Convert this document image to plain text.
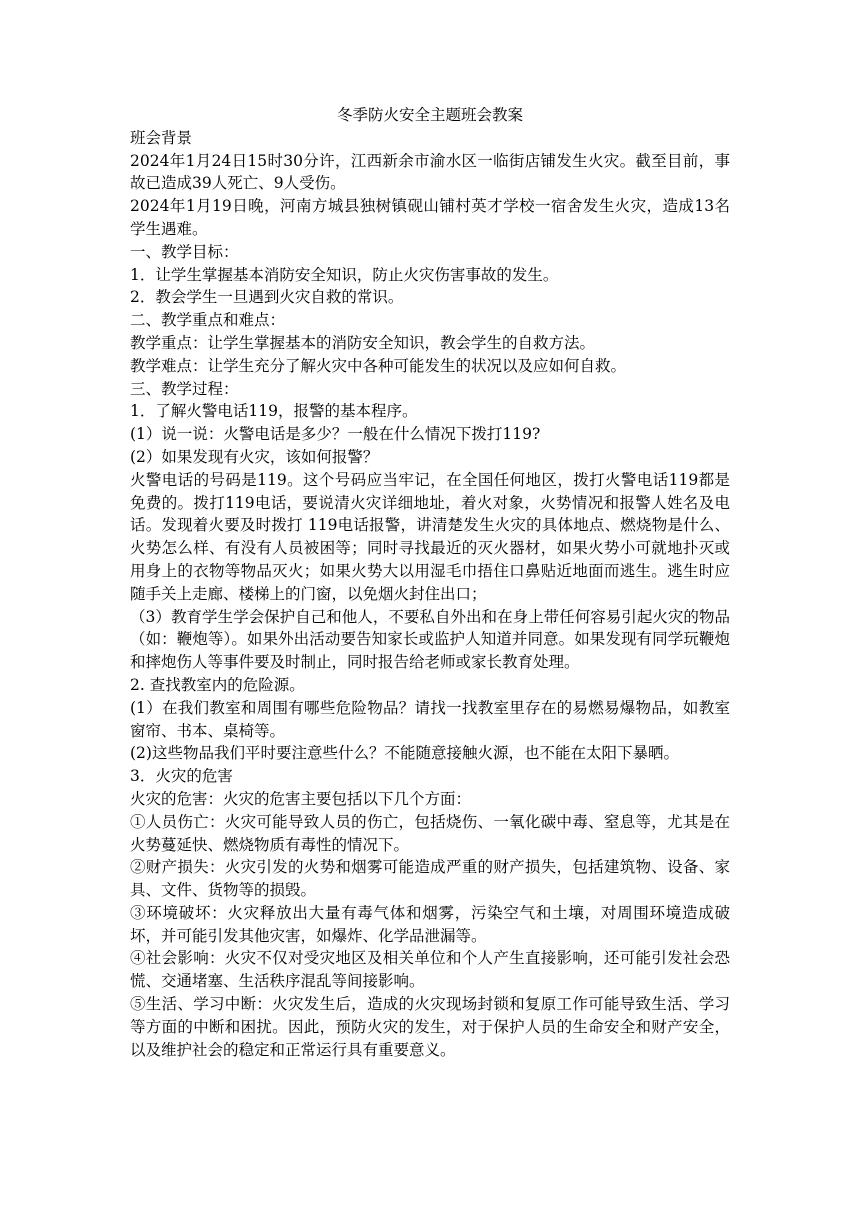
冬季防火安全主题班会教案

班会背景

2024年1月24日15时30分许，江西新余市渝水区一临街店铺发生火灾。截至目前，事故已造成39人死亡、9人受伤。

2024年1月19日晚，河南方城县独树镇砚山铺村英才学校一宿舍发生火灾，造成13名学生遇难。

一、教学目标：

1．让学生掌握基本消防安全知识，防止火灾伤害事故的发生。

2．教会学生一旦遇到火灾自救的常识。

二、教学重点和难点：

教学重点：让学生掌握基本的消防安全知识，教会学生的自救方法。

教学难点：让学生充分了解火灾中各种可能发生的状况以及应如何自救。

三、教学过程：

1．了解火警电话119，报警的基本程序。

(1）说一说：火警电话是多少？一般在什么情况下拨打119?

(2）如果发现有火灾，该如何报警？

火警电话的号码是119。这个号码应当牢记，在全国任何地区，拨打火警电话119都是免费的。拨打119电话，要说清火灾详细地址，着火对象，火势情况和报警人姓名及电话。发现着火要及时拨打 119电话报警，讲清楚发生火灾的具体地点、燃烧物是什么、火势怎么样、有没有人员被困等；同时寻找最近的灭火器材，如果火势小可就地扑灭或用身上的衣物等物品灭火；如果火势大以用湿毛巾捂住口鼻贴近地面而逃生。逃生时应随手关上走廊、楼梯上的门窗，以免烟火封住出口；

（3）教育学生学会保护自己和他人，不要私自外出和在身上带任何容易引起火灾的物品（如：鞭炮等）。如果外出活动要告知家长或监护人知道并同意。如果发现有同学玩鞭炮和摔炮伤人等事件要及时制止，同时报告给老师或家长教育处理。

2. 查找教室内的危险源。

(1）在我们教室和周围有哪些危险物品？请找一找教室里存在的易燃易爆物品，如教室窗帘、书本、桌椅等。

(2)这些物品我们平时要注意些什么？不能随意接触火源，也不能在太阳下暴晒。

3．火灾的危害

火灾的危害：火灾的危害主要包括以下几个方面：

①人员伤亡：火灾可能导致人员的伤亡，包括烧伤、一氧化碳中毒、窒息等，尤其是在火势蔓延快、燃烧物质有毒性的情况下。

②财产损失：火灾引发的火势和烟雾可能造成严重的财产损失，包括建筑物、设备、家具、文件、货物等的损毁。

③环境破坏：火灾释放出大量有毒气体和烟雾，污染空气和土壤，对周围环境造成破坏，并可能引发其他灾害，如爆炸、化学品泄漏等。

④社会影响：火灾不仅对受灾地区及相关单位和个人产生直接影响，还可能引发社会恐慌、交通堵塞、生活秩序混乱等间接影响。

⑤生活、学习中断：火灾发生后，造成的火灾现场封锁和复原工作可能导致生活、学习等方面的中断和困扰。因此，预防火灾的发生，对于保护人员的生命安全和财产安全，以及维护社会的稳定和正常运行具有重要意义。
